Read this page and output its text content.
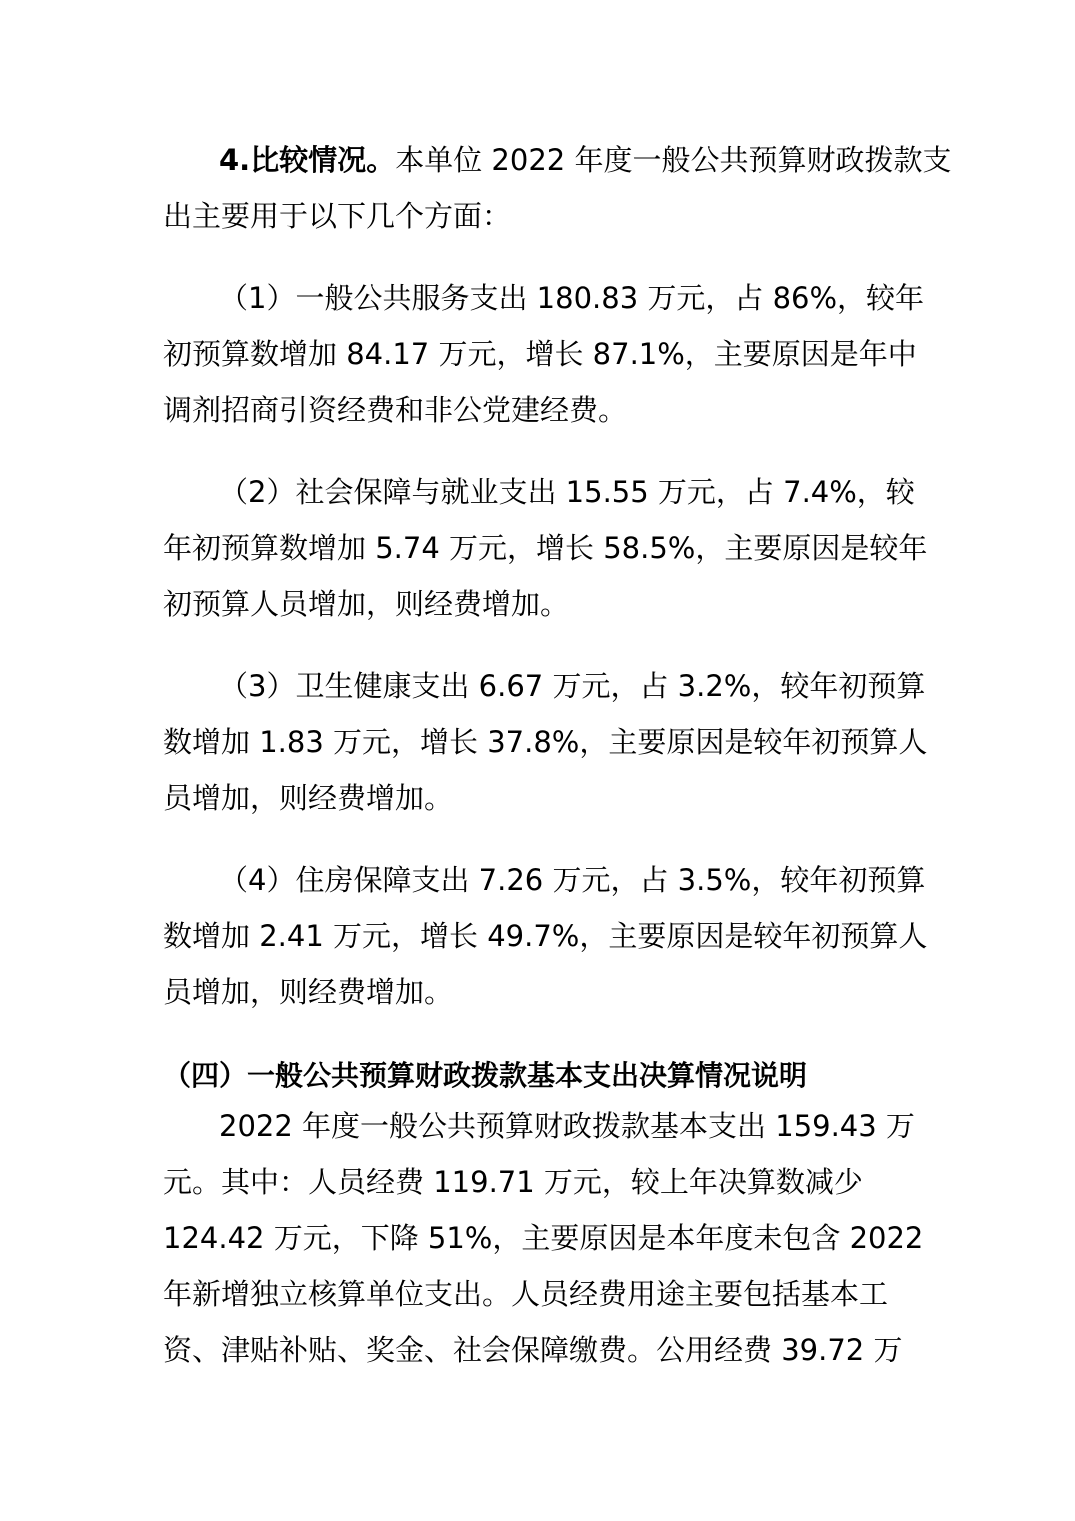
4.比较情况。本单位 2022 年度一般公共预算财政拨款支
出主要用于以下几个方面：
（1）一般公共服务支出 180.83 万元，占 86%，较年
初预算数增加 84.17 万元，增长 87.1%，主要原因是年中
调剂招商引资经费和非公党建经费。
（2）社会保障与就业支出 15.55 万元，占 7.4%，较
年初预算数增加 5.74 万元，增长 58.5%，主要原因是较年
初预算人员增加，则经费增加。
（3）卫生健康支出 6.67 万元，占 3.2%，较年初预算
数增加 1.83 万元，增长 37.8%，主要原因是较年初预算人
员增加，则经费增加。
（4）住房保障支出 7.26 万元，占 3.5%，较年初预算
数增加 2.41 万元，增长 49.7%，主要原因是较年初预算人
员增加，则经费增加。
（四）一般公共预算财政拨款基本支出决算情况说明
2022 年度一般公共预算财政拨款基本支出 159.43 万
元。其中：人员经费 119.71 万元，较上年决算数减少
124.42 万元，下降 51%，主要原因是本年度未包含 2022
年新增独立核算单位支出。人员经费用途主要包括基本工
资、津贴补贴、奖金、社会保障缴费。公用经费 39.72 万
